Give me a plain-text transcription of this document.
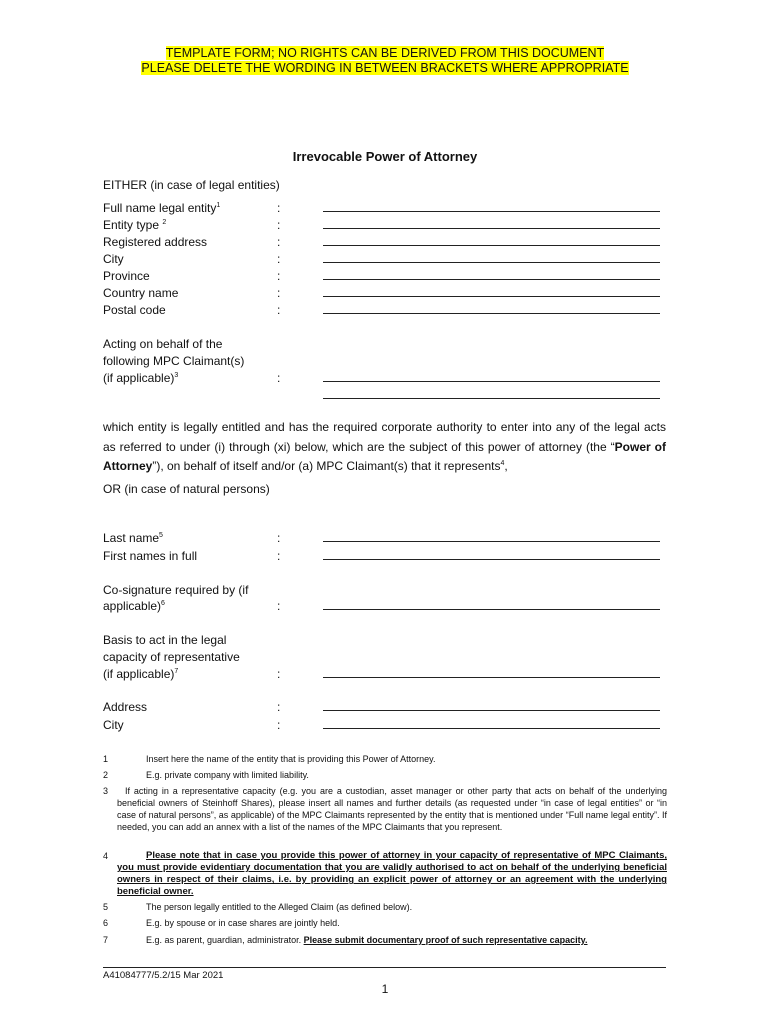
TEMPLATE FORM; NO RIGHTS CAN BE DERIVED FROM THIS DOCUMENT
PLEASE DELETE THE WORDING IN BETWEEN BRACKETS WHERE APPROPRIATE
Irrevocable Power of Attorney
EITHER (in case of legal entities)
Full name legal entity$^1$	:
Entity type $^2$	:
Registered address	:
City	:
Province	:
Country name	:
Postal code	:
Acting on behalf of the
following MPC Claimant(s)
(if applicable)$^3$	:
which entity is legally entitled and has the required corporate authority to enter into any of the legal acts as referred to under (i) through (xi) below, which are the subject of this power of attorney (the “Power of Attorney”), on behalf of itself and/or (a) MPC Claimant(s) that it represents$^4$,
OR (in case of natural persons)
Last name$^5$	:
First names in full	:
Co-signature required by (if
applicable)$^6$	:
Basis to act in the legal
capacity of representative
(if applicable)$^7$	:
Address	:
City	:
1	Insert here the name of the entity that is providing this Power of Attorney.
2	E.g. private company with limited liability.
3	If acting in a representative capacity (e.g. you are a custodian, asset manager or other party that acts on behalf of the underlying beneficial owners of Steinhoff Shares), please insert all names and further details (as requested under “in case of legal entities” or “in case of natural persons”, as applicable) of the MPC Claimants represented by the entity that is mentioned under “Full name legal entity”. If needed, you can add an annex with a list of the names of the MPC Claimants that you represent.
4	Please note that in case you provide this power of attorney in your capacity of representative of MPC Claimants, you must provide evidentiary documentation that you are validly authorised to act on behalf of the underlying beneficial owners in respect of their claims, i.e. by providing an explicit power of attorney or an agreement with the underlying beneficial owner.
5	The person legally entitled to the Alleged Claim (as defined below).
6	E.g. by spouse or in case shares are jointly held.
7	E.g. as parent, guardian, administrator. Please submit documentary proof of such representative capacity.
A41084777/5.2/15 Mar 2021
1
